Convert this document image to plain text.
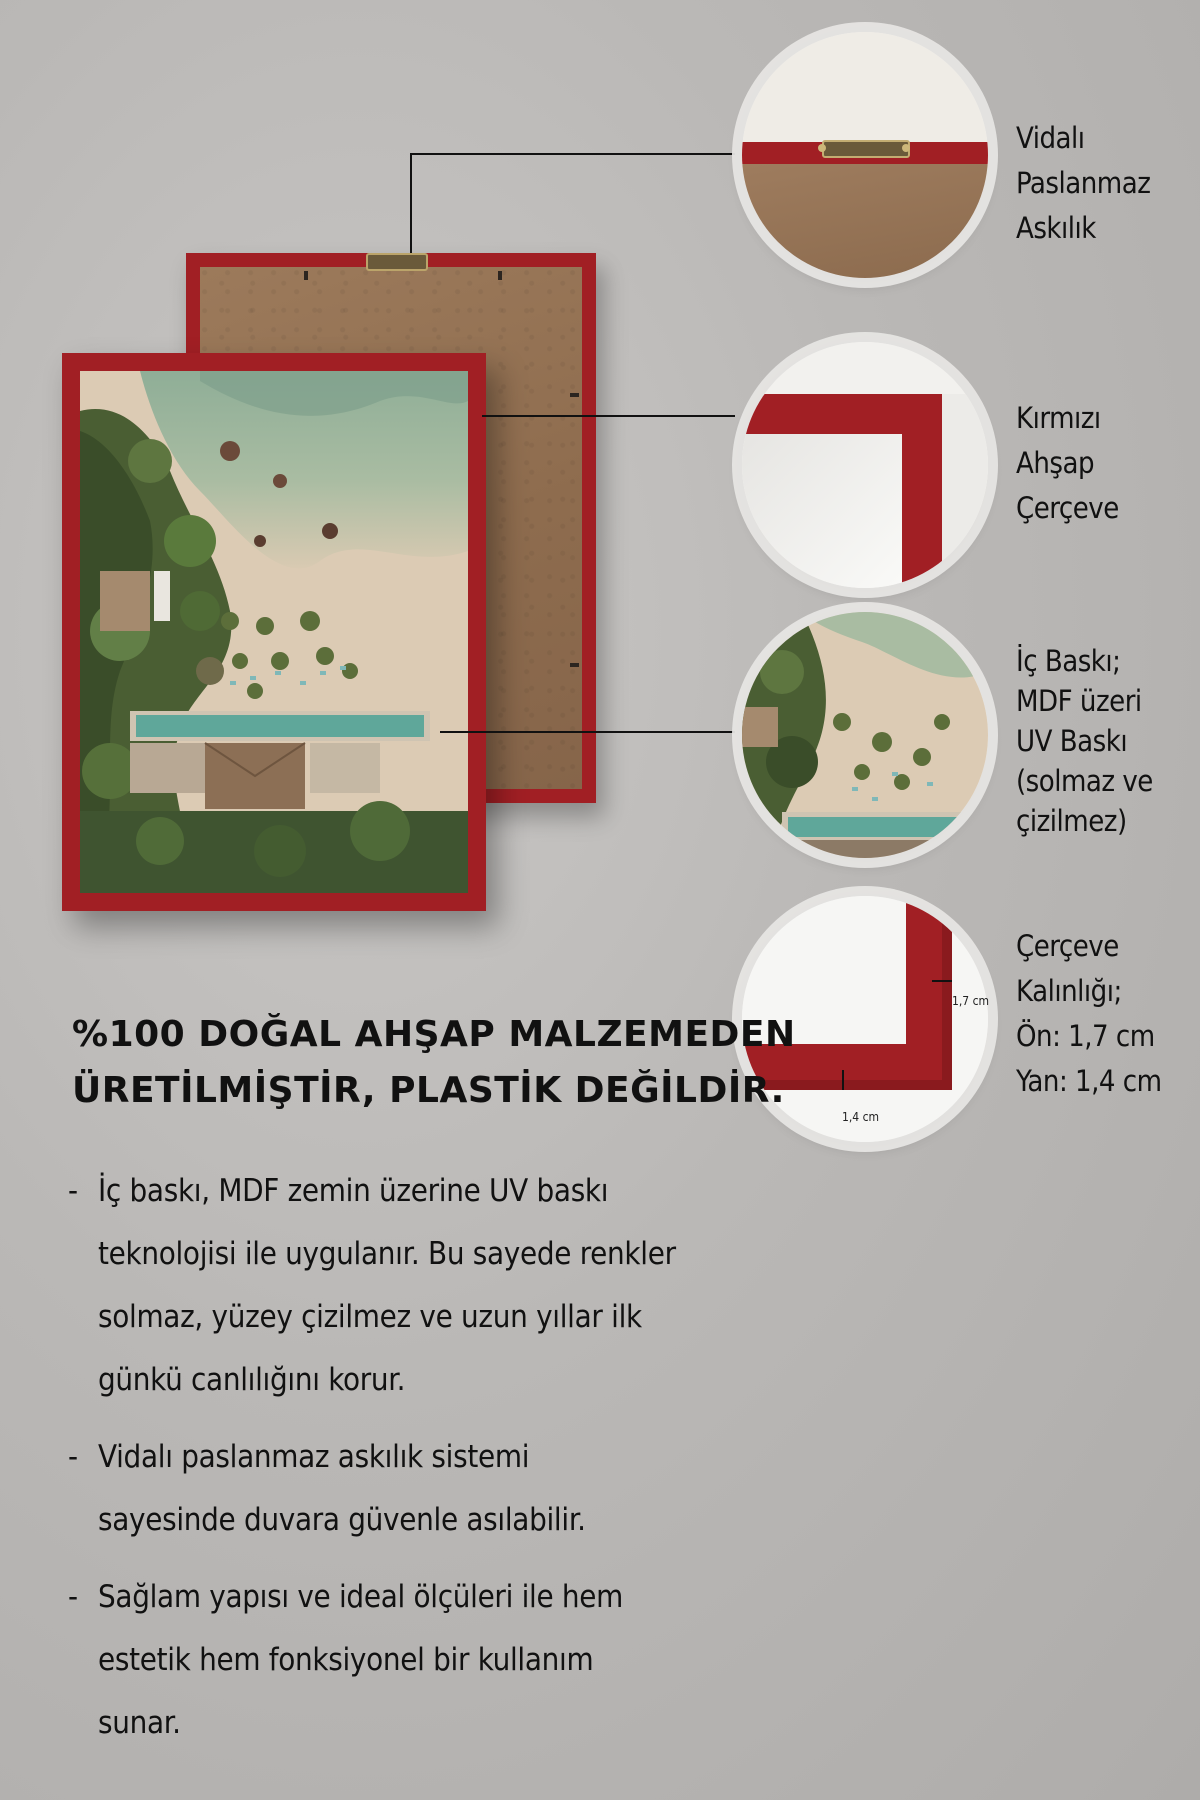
Vidalı
Paslanmaz
Askılık
Kırmızı
Ahşap
Çerçeve
İç Baskı;
MDF üzeri
UV Baskı
(solmaz ve
çizilmez)
1,4 cm
1,7 cm
Çerçeve
Kalınlığı;
Ön: 1,7 cm
Yan: 1,4 cm
%100 DOĞAL AHŞAP MALZEMEDEN
ÜRETİLMİŞTİR, PLASTİK DEĞİLDİR.
- İç baskı, MDF zemin üzerine UV baskı
teknolojisi ile uygulanır. Bu sayede renkler
solmaz, yüzey çizilmez ve uzun yıllar ilk
günkü canlılığını korur.
- Vidalı paslanmaz askılık sistemi
sayesinde duvara güvenle asılabilir.
- Sağlam yapısı ve ideal ölçüleri ile hem
estetik hem fonksiyonel bir kullanım
sunar.
